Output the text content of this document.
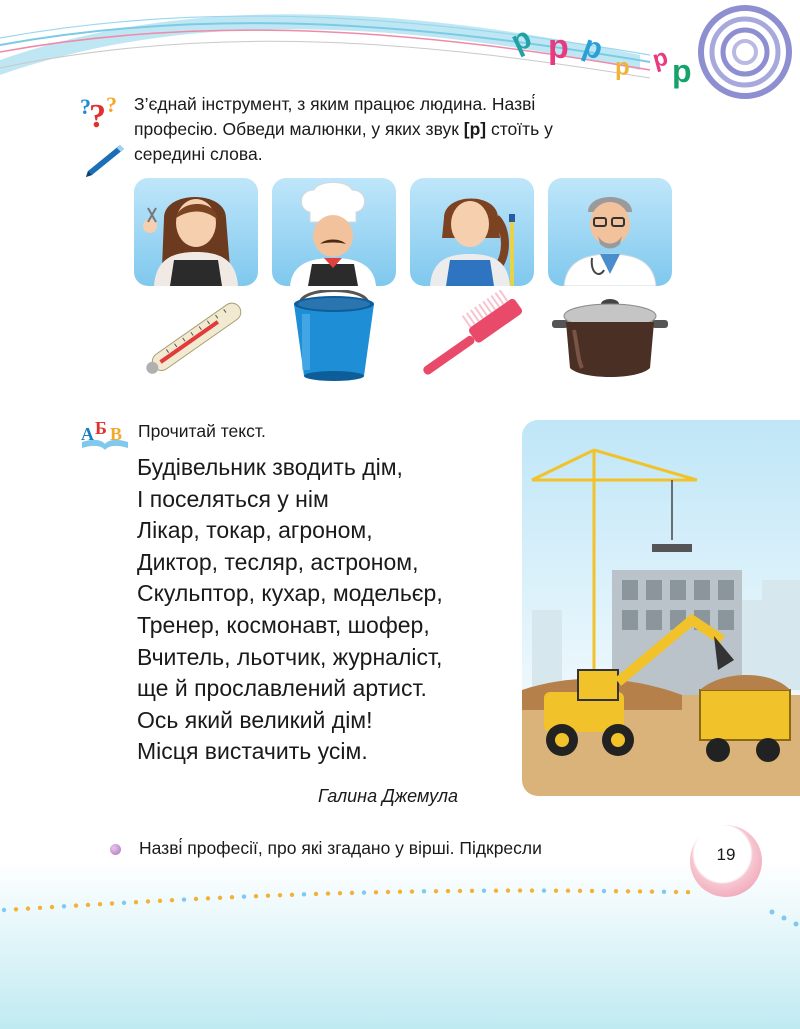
р р р
р р р
?
? ? З’єднай інструмент, з яким працює людина. Назві́
професію. Обведи малюнки, у яких звук [р] стоїть у
середині слова.
А Б В Прочитай текст.
Будівельник зводить дім,
І поселяться у нім
Лікар, токар, агроном,
Диктор, тесляр, астроном,
Скульптор, кухар, модельєр,
Тренер, космонавт, шофер,
Вчитель, льотчик, журналіст,
ще й прославлений артист.
Ось який великий дім!
Місця вистачить усім.
Галина Джемула
Назві́ професії, про які згадано у вірші. Підкресли	19
